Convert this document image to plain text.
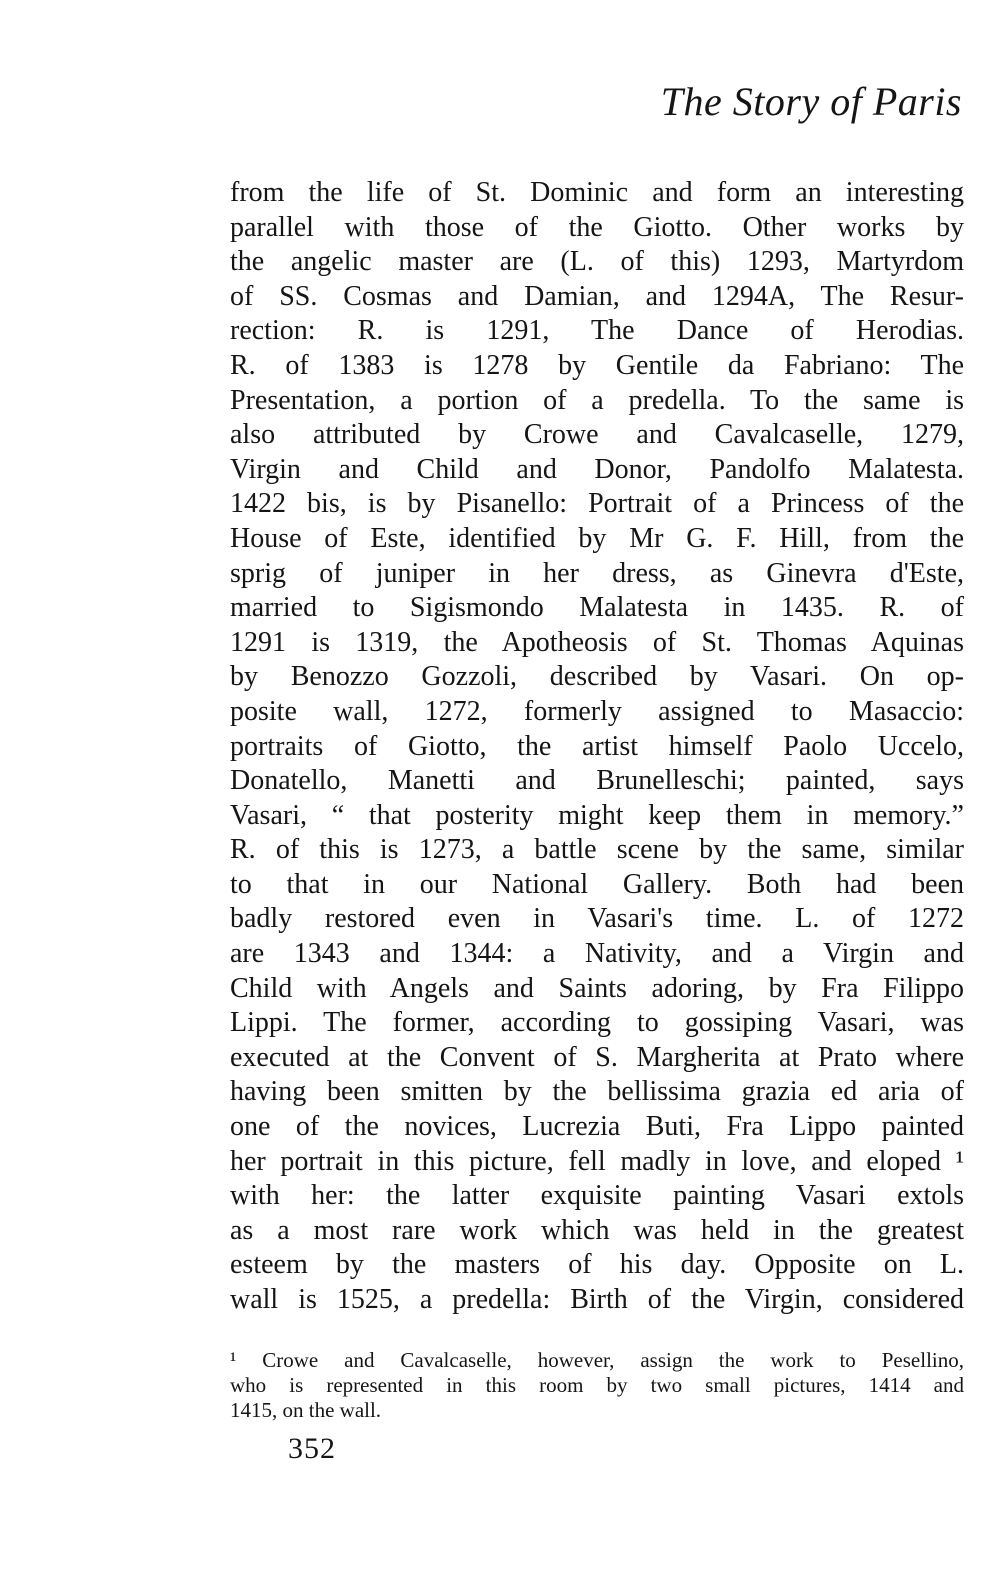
The Story of Paris
from the life of St. Dominic and form an interesting
parallel with those of the Giotto. Other works by
the angelic master are (L. of this) 1293, Martyrdom
of SS. Cosmas and Damian, and 1294A, The Resur-
rection: R. is 1291, The Dance of Herodias.
R. of 1383 is 1278 by Gentile da Fabriano: The
Presentation, a portion of a predella. To the same is
also attributed by Crowe and Cavalcaselle, 1279,
Virgin and Child and Donor, Pandolfo Malatesta.
1422 bis, is by Pisanello: Portrait of a Princess of the
House of Este, identified by Mr G. F. Hill, from the
sprig of juniper in her dress, as Ginevra d'Este,
married to Sigismondo Malatesta in 1435. R. of
1291 is 1319, the Apotheosis of St. Thomas Aquinas
by Benozzo Gozzoli, described by Vasari. On op-
posite wall, 1272, formerly assigned to Masaccio:
portraits of Giotto, the artist himself Paolo Uccelo,
Donatello, Manetti and Brunelleschi; painted, says
Vasari, “ that posterity might keep them in memory.”
R. of this is 1273, a battle scene by the same, similar
to that in our National Gallery. Both had been
badly restored even in Vasari's time. L. of 1272
are 1343 and 1344: a Nativity, and a Virgin and
Child with Angels and Saints adoring, by Fra Filippo
Lippi. The former, according to gossiping Vasari, was
executed at the Convent of S. Margherita at Prato where
having been smitten by the bellissima grazia ed aria of
one of the novices, Lucrezia Buti, Fra Lippo painted
her portrait in this picture, fell madly in love, and eloped ¹
with her: the latter exquisite painting Vasari extols
as a most rare work which was held in the greatest
esteem by the masters of his day. Opposite on L.
wall is 1525, a predella: Birth of the Virgin, considered
¹ Crowe and Cavalcaselle, however, assign the work to Pesellino,
who is represented in this room by two small pictures, 1414 and
1415, on the wall.
352
